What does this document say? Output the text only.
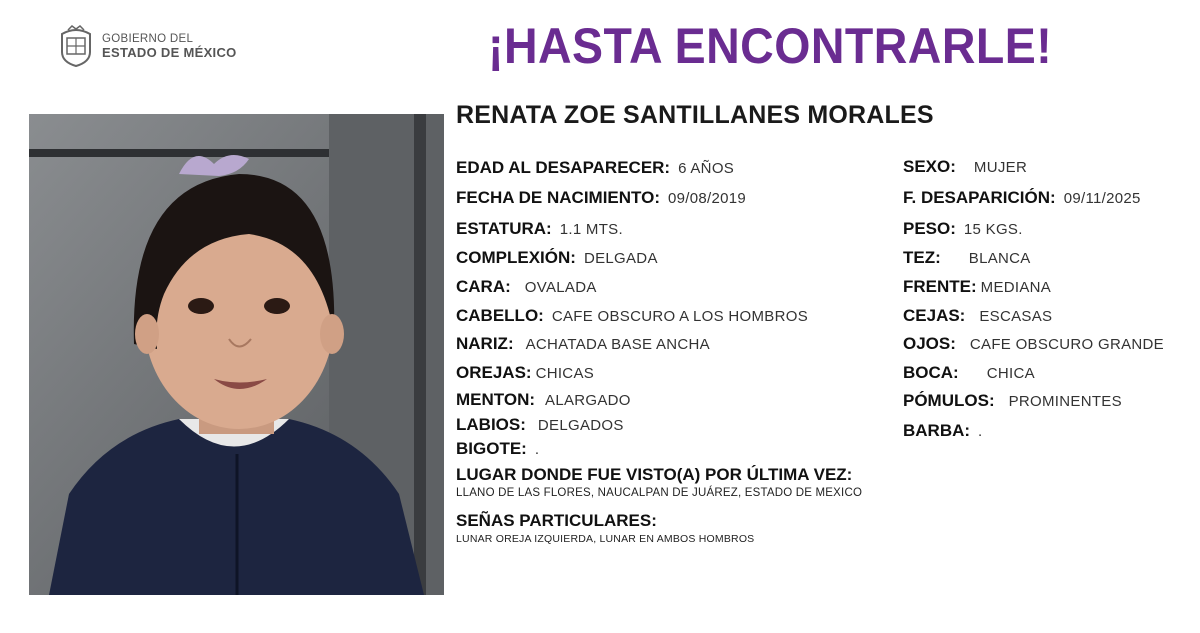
GOBIERNO DEL
ESTADO DE MÉXICO	¡HASTA ENCONTRARLE!
RENATA ZOE SANTILLANES MORALES
EDAD AL DESAPARECER: 6 AÑOS
FECHA DE NACIMIENTO: 09/08/2019
ESTATURA: 1.1 MTS.
COMPLEXIÓN: DELGADA
CARA: OVALADA
CABELLO: CAFE OBSCURO A LOS HOMBROS
NARIZ: ACHATADA BASE ANCHA
OREJAS: CHICAS
MENTON: ALARGADO
LABIOS: DELGADOS
BIGOTE: .
SEXO: MUJER
F. DESAPARICIÓN: 09/11/2025
PESO: 15 KGS.
TEZ: BLANCA
FRENTE: MEDIANA
CEJAS: ESCASAS
OJOS: CAFE OBSCURO GRANDE
BOCA: CHICA
PÓMULOS: PROMINENTES
BARBA: .
LUGAR DONDE FUE VISTO(A) POR ÚLTIMA VEZ:
LLANO DE LAS FLORES, NAUCALPAN DE JUÁREZ, ESTADO DE MEXICO
SEÑAS PARTICULARES:
LUNAR OREJA IZQUIERDA, LUNAR EN AMBOS HOMBROS
